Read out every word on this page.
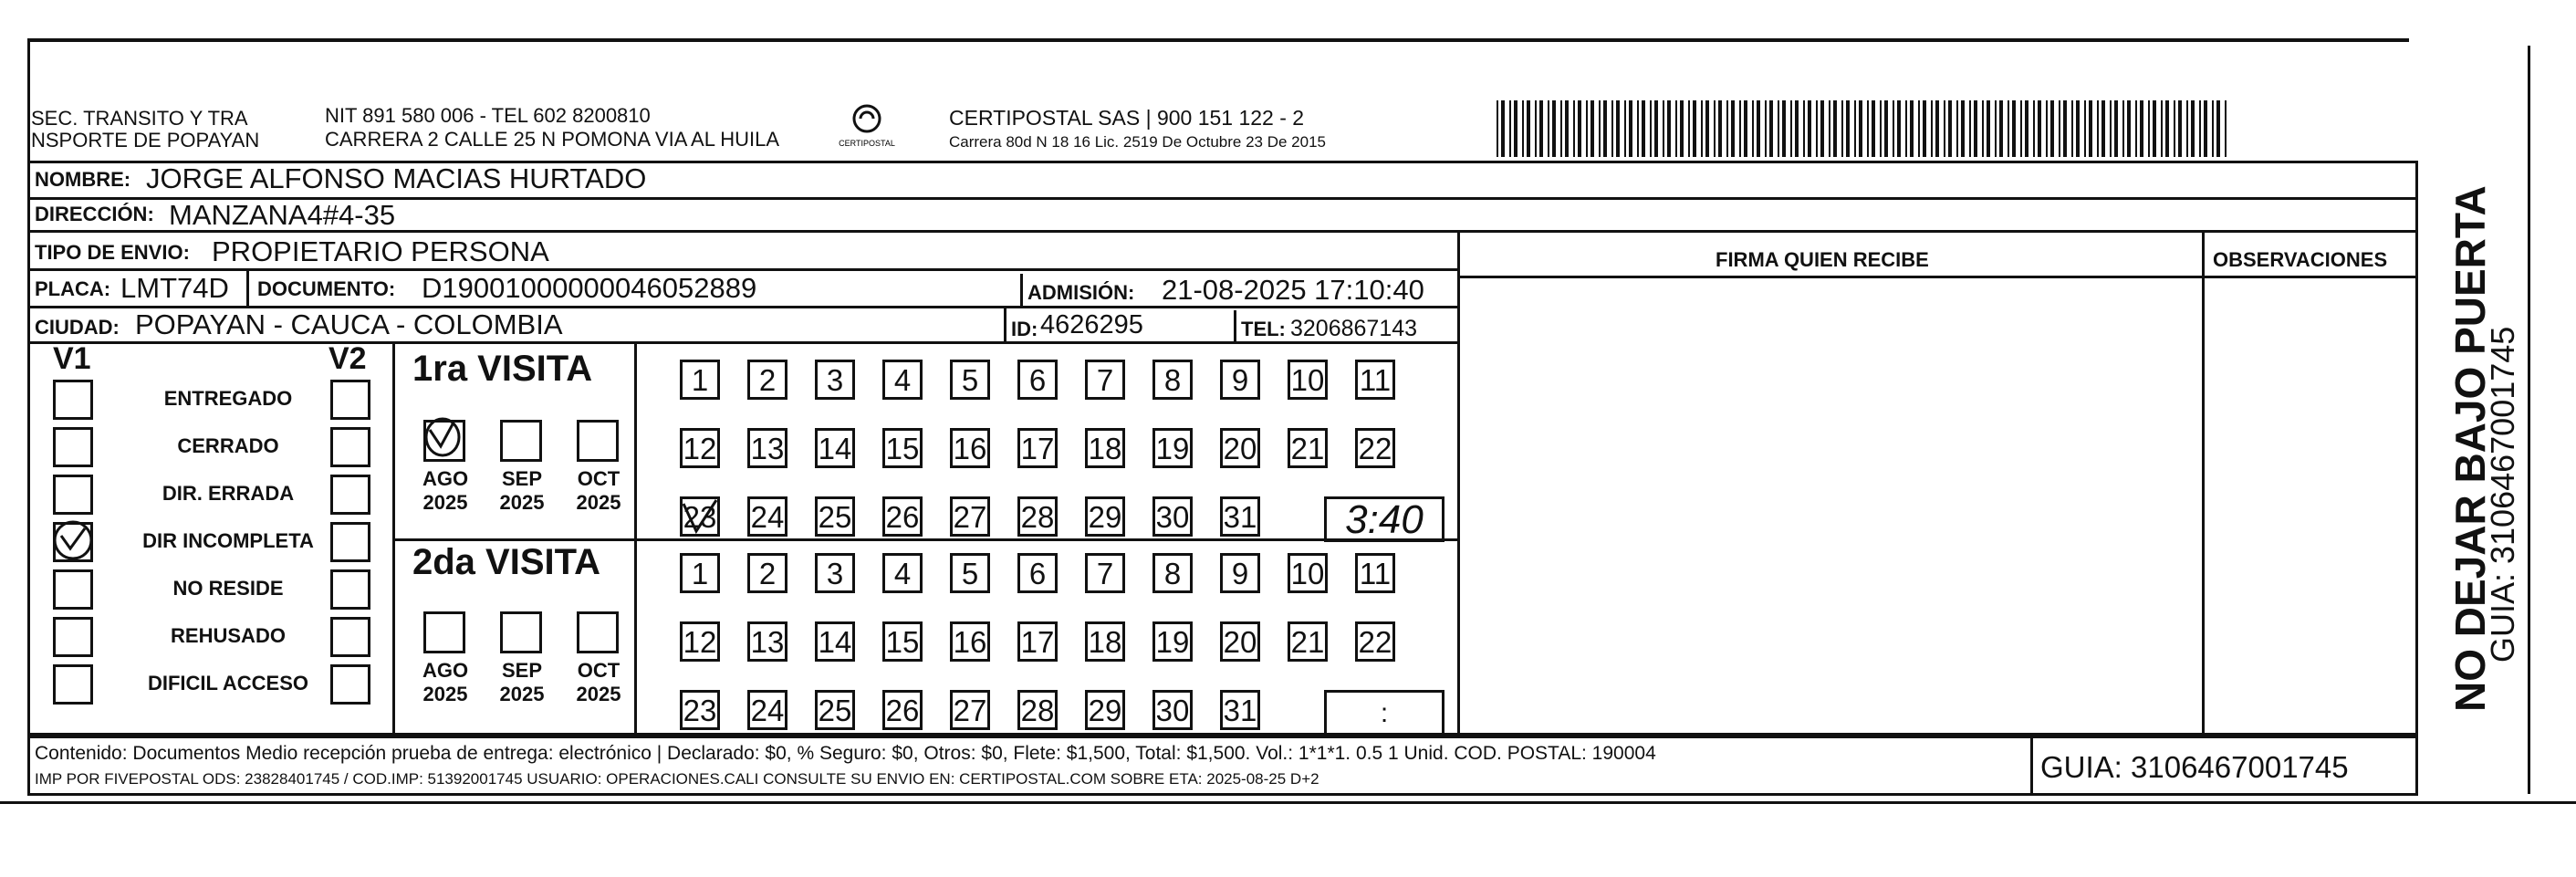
SEC. TRANSITO Y TRA
NSPORTE DE POPAYAN
NIT 891 580 006 - TEL 602 8200810
CARRERA 2 CALLE 25 N POMONA VIA AL HUILA	CERTIPOSTAL
CERTIPOSTAL SAS | 900 151 122 - 2
Carrera 80d N 18 16 Lic. 2519 De Octubre 23 De 2015
NOMBRE: JORGE ALFONSO MACIAS HURTADO
DIRECCIÓN: MANZANA4#4-35
TIPO DE ENVIO: PROPIETARIO PERSONA	FIRMA QUIEN RECIBE	OBSERVACIONES
PLACA: LMT74D DOCUMENTO: D19001000000046052889	ADMISIÓN: 21-08-2025 17:10:40
CIUDAD: POPAYAN - CAUCA - COLOMBIA	ID: 4626295	TEL: 3206867143
V1	V2 1ra VISITA
2da VISITA
Contenido: Documentos Medio recepción prueba de entrega: electrónico | Declarado: $0, % Seguro: $0, Otros: $0, Flete: $1,500, Total: $1,500. Vol.: 1*1*1. 0.5 1 Unid. COD. POSTAL: 190004
IMP POR FIVEPOSTAL ODS: 23828401745 / COD.IMP: 51392001745 USUARIO: OPERACIONES.CALI CONSULTE SU ENVIO EN: CERTIPOSTAL.COM SOBRE ETA: 2025-08-25 D+2	GUIA: 3106467001745
NO DEJAR BAJO PUERTA
GUIA: 3106467001745
ENTREGADO
CERRADO
DIR. ERRADA
DIR INCOMPLETA
NO RESIDE
REHUSADO
DIFICIL ACCESO
AGO
2025
SEP
2025
OCT
2025
AGO
2025
SEP
2025
OCT
2025
1	2	3	4	5	6	7	8	9	10 11
12 13 14 15 16 17 18 19 20 21 22
23 24 25 26 27 28 29 30 31	3:40
1	2	3	4	5	6	7	8	9	10 11
12 13 14 15 16 17 18 19 20 21 22
23 24 25 26 27 28 29 30 31	:
